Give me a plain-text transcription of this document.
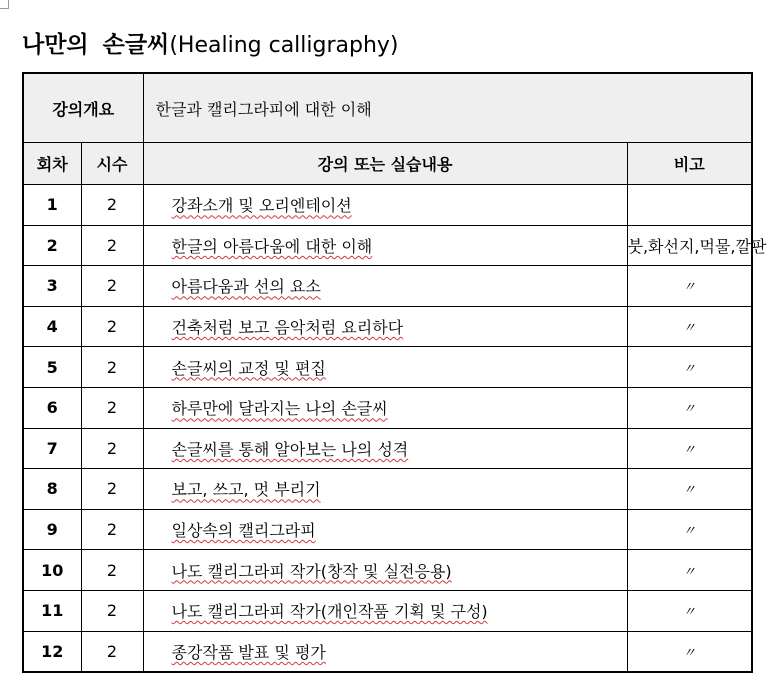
나만의 손글씨(Healing calligraphy)
강의개요		한글과 캘리그라피에 대한 이해	
회차	시수	강의 또는 실습내용	비고
1	2	강좌소개 및 오리엔테이션	
2	2	한글의 아름다움에 대한 이해	붓,화선지,먹물,깔판
3	2	아름다움과 선의 요소	〃
4	2	건축처럼 보고 음악처럼 요리하다	〃
5	2	손글씨의 교정 및 편집	〃
6	2	하루만에 달라지는 나의 손글씨	〃
7	2	손글씨를 통해 알아보는 나의 성격	〃
8	2	보고, 쓰고, 멋 부리기	〃
9	2	일상속의 캘리그라피	〃
10	2	나도 캘리그라피 작가(창작 및 실전응용)	〃
11	2	나도 캘리그라피 작가(개인작품 기획 및 구성)	〃
12	2	종강작품 발표 및 평가	〃
